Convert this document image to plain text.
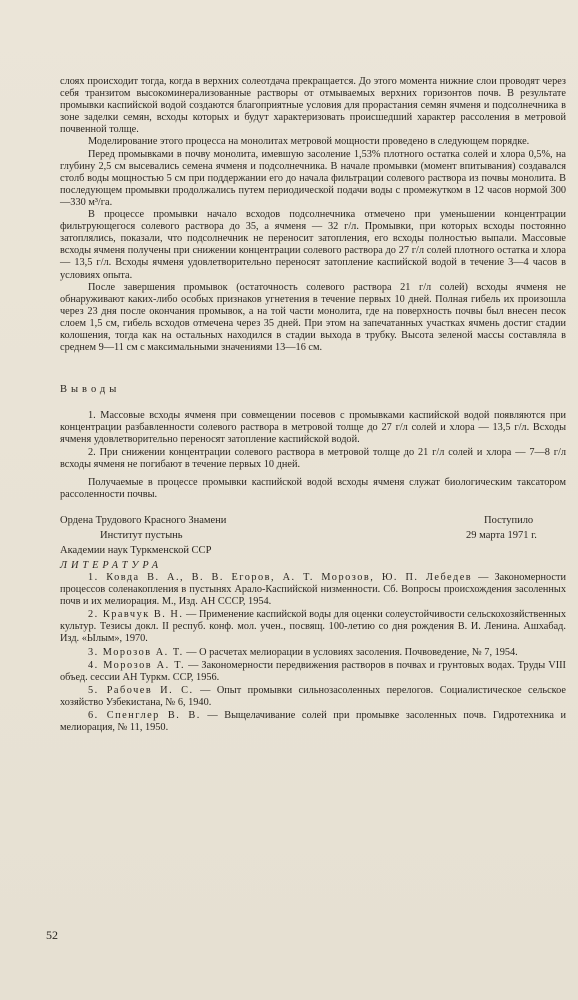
слоях происходит тогда, когда в верхних солеотдача прекращается. До этого момента нижние слои проводят через себя транзитом высокоминерализованные растворы от отмываемых верхних горизонтов почв. В результате промывки каспийской водой создаются благоприятные условия для прорастания семян ячменя и подсолнечника в зоне заделки семян, всходы которых и будут характеризовать происшедший характер рассоления в метровой почвенной толще.

Моделирование этого процесса на монолитах метровой мощности проведено в следующем порядке.

Перед промывками в почву монолита, имевшую засоление 1,53% плотного остатка солей и хлора 0,5%, на глубину 2,5 см высевались семена ячменя и подсолнечника. В начале промывки (момент впитывания) создавался столб воды мощностью 5 см при поддержании его до начала фильтрации солевого раствора из почвы монолита. В последующем промывки продолжались путем периодической подачи воды с промежутком в 12 часов нормой 300—330 м³/га.

В процессе промывки начало всходов подсолнечника отмечено при уменьшении концентрации фильтрующегося солевого раствора до 35, а ячменя — 32 г/л. Промывки, при которых всходы постоянно затоплялись, показали, что подсолнечник не переносит затопления, его всходы полностью выпали. Массовые всходы ячменя получены при снижении концентрации солевого раствора до 27 г/л солей плотного остатка и хлора — 13,5 г/л. Всходы ячменя удовлетворительно переносят затопление каспийской водой в течение 3—4 часов в условиях опыта.

После завершения промывок (остаточность солевого раствора 21 г/л солей) всходы ячменя не обнаруживают каких-либо особых признаков угнетения в течение первых 10 дней. Полная гибель их произошла через 23 дня после окончания промывок, а на той части монолита, где на поверхность почвы был внесен песок слоем 1,5 см, гибель всходов отмечена через 35 дней. При этом на запечатанных участках ячмень достиг стадии колошения, тогда как на остальных находился в стадии выхода в трубку. Высота зеленой массы составляла в среднем 9—11 см с максимальными значениями 13—16 см.

Выводы

1. Массовые всходы ячменя при совмещении посевов с промывками каспийской водой появляются при концентрации разбавленности солевого раствора в метровой толще до 27 г/л солей и хлора — 13,5 г/л. Всходы ячменя удовлетворительно переносят затопление каспийской водой.

2. При снижении концентрации солевого раствора в метровой толще до 21 г/л солей и хлора — 7—8 г/л всходы ячменя не погибают в течение первых 10 дней.

Получаемые в процессе промывки каспийской водой всходы ячменя служат биологическим таксатором рассоленности почвы.

Ордена Трудового Красного Знамени	Поступило
Институт пустынь	29 марта 1971 г.
Академии наук Туркменской ССР

ЛИТЕРАТУРА

1. Ковда В. А., В. В. Егоров, А. Т. Морозов, Ю. П. Лебедев — Закономерности процессов соленакопления в пустынях Арало-Каспийской низменности. Сб. Вопросы происхождения засоленных почв и их мелиорация. М., Изд. АН СССР, 1954.

2. Кравчук В. Н. — Применение каспийской воды для оценки солеустойчивости сельскохозяйственных культур. Тезисы докл. II респуб. конф. мол. учен., посвящ. 100-летию со дня рождения В. И. Ленина. Ашхабад. Изд. «Ылым», 1970.

3. Морозов А. Т. — О расчетах мелиорации в условиях засоления. Почвоведение, № 7, 1954.

4. Морозов А. Т. — Закономерности передвижения растворов в почвах и грунтовых водах. Труды VIII объед. сессии АН Туркм. ССР, 1956.

5. Рабочев И. С. — Опыт промывки сильнозасоленных перелогов. Социалистическое сельское хозяйство Узбекистана, № 6, 1940.

6. Спенглер В. В. — Выщелачивание солей при промывке засоленных почв. Гидротехника и мелиорация, № 11, 1950.

52
